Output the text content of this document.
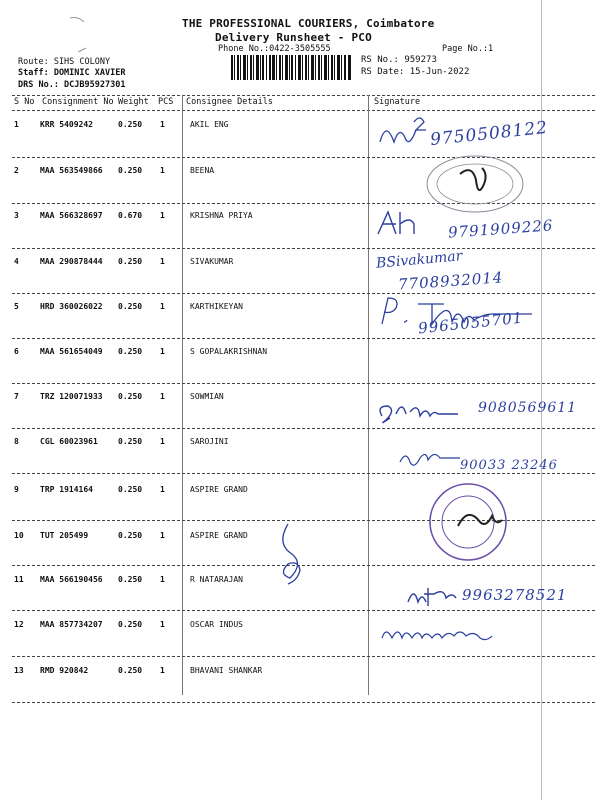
THE PROFESSIONAL COURIERS, Coimbatore
Delivery Runsheet - PCO
Phone No.:0422-3505555	Page No.:1
Route: SIHS COLONY
Staff: DOMINIC XAVIER
DRS No.: DCJB95927301
RS No.: 959273
RS Date: 15-Jun-2022
S No Consignment No Weight PCS Consignee Details	Signature
1	KRR 5409242	0.250 1	AKIL ENG
2	MAA 563549866 0.250 1	BEENA
3	MAA 566328697 0.670 1	KRISHNA PRIYA
4	MAA 290878444 0.250 1	SIVAKUMAR
5	HRD 360026022 0.250 1	KARTHIKEYAN
6	MAA 561654049 0.250 1	S GOPALAKRISHNAN
7	TRZ 120071933 0.250 1	SOWMIAN
8	CGL 60023961	0.250 1	SAROJINI
9	TRP 1914164	0.250 1	ASPIRE GRAND
10 TUT 205499	0.250 1	ASPIRE GRAND
11 MAA 566190456 0.250 1	R NATARAJAN
12 MAA 857734207 0.250 1	OSCAR INDUS
13 RMD 920842	0.250 1	BHAVANI SHANKAR
9750508122
9791909226
BSivakumar
7708932014
9965055701
9080569611
90033 23246
9963278521
